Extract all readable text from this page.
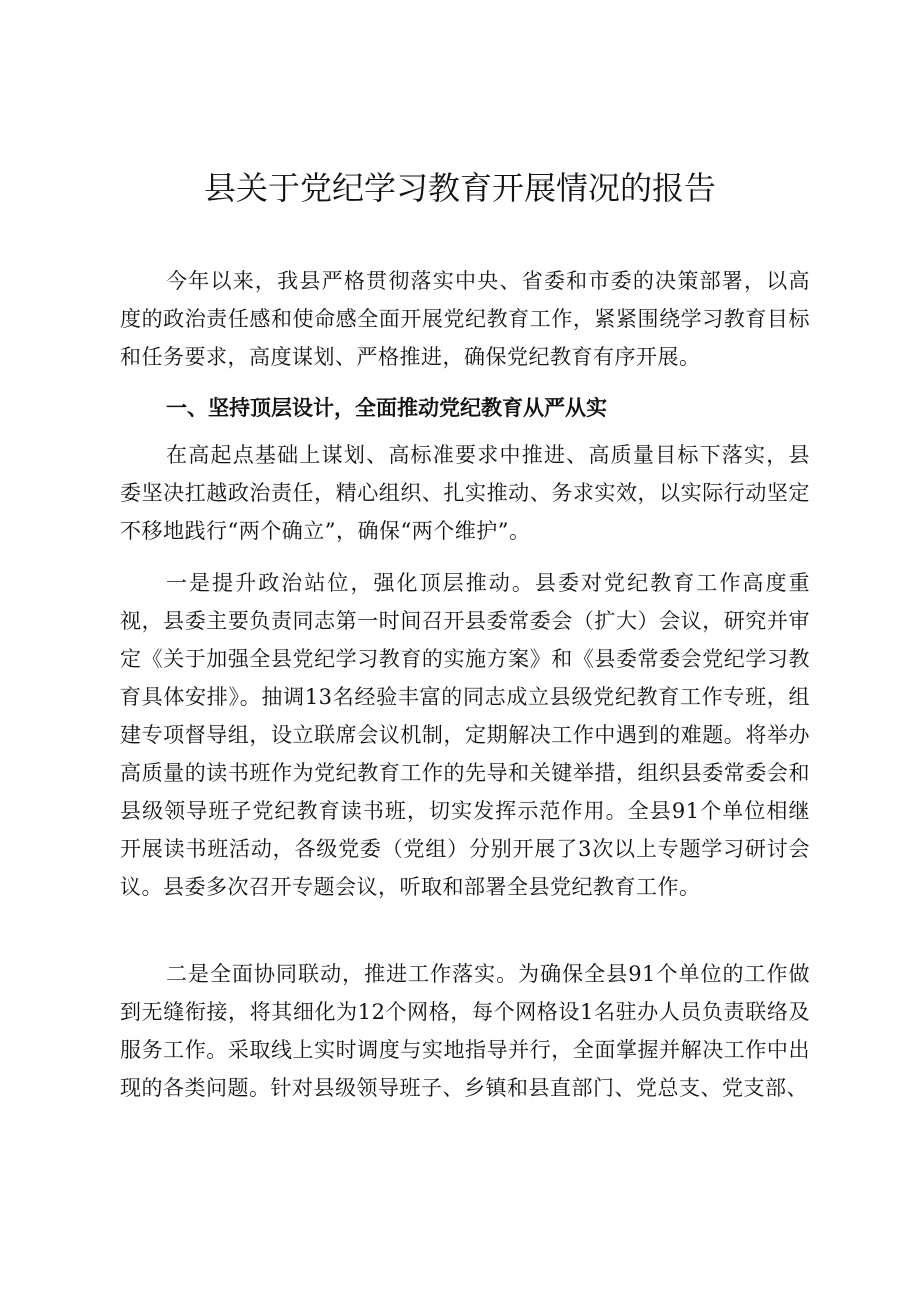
县关于党纪学习教育开展情况的报告

今年以来，我县严格贯彻落实中央、省委和市委的决策部署，以高度的政治责任感和使命感全面开展党纪教育工作，紧紧围绕学习教育目标和任务要求，高度谋划、严格推进，确保党纪教育有序开展。

一、坚持顶层设计，全面推动党纪教育从严从实

在高起点基础上谋划、高标准要求中推进、高质量目标下落实，县委坚决扛越政治责任，精心组织、扎实推动、务求实效，以实际行动坚定不移地践行“两个确立”，确保“两个维护”。

一是提升政治站位，强化顶层推动。县委对党纪教育工作高度重视，县委主要负责同志第一时间召开县委常委会（扩大）会议，研究并审定《关于加强全县党纪学习教育的实施方案》和《县委常委会党纪学习教育具体安排》。抽调13名经验丰富的同志成立县级党纪教育工作专班，组建专项督导组，设立联席会议机制，定期解决工作中遇到的难题。将举办高质量的读书班作为党纪教育工作的先导和关键举措，组织县委常委会和县级领导班子党纪教育读书班，切实发挥示范作用。全县91个单位相继开展读书班活动，各级党委（党组）分别开展了3次以上专题学习研讨会议。县委多次召开专题会议，听取和部署全县党纪教育工作。

二是全面协同联动，推进工作落实。为确保全县91个单位的工作做到无缝衔接，将其细化为12个网格，每个网格设1名驻办人员负责联络及服务工作。采取线上实时调度与实地指导并行，全面掌握并解决工作中出现的各类问题。针对县级领导班子、乡镇和县直部门、党总支、党支部、
